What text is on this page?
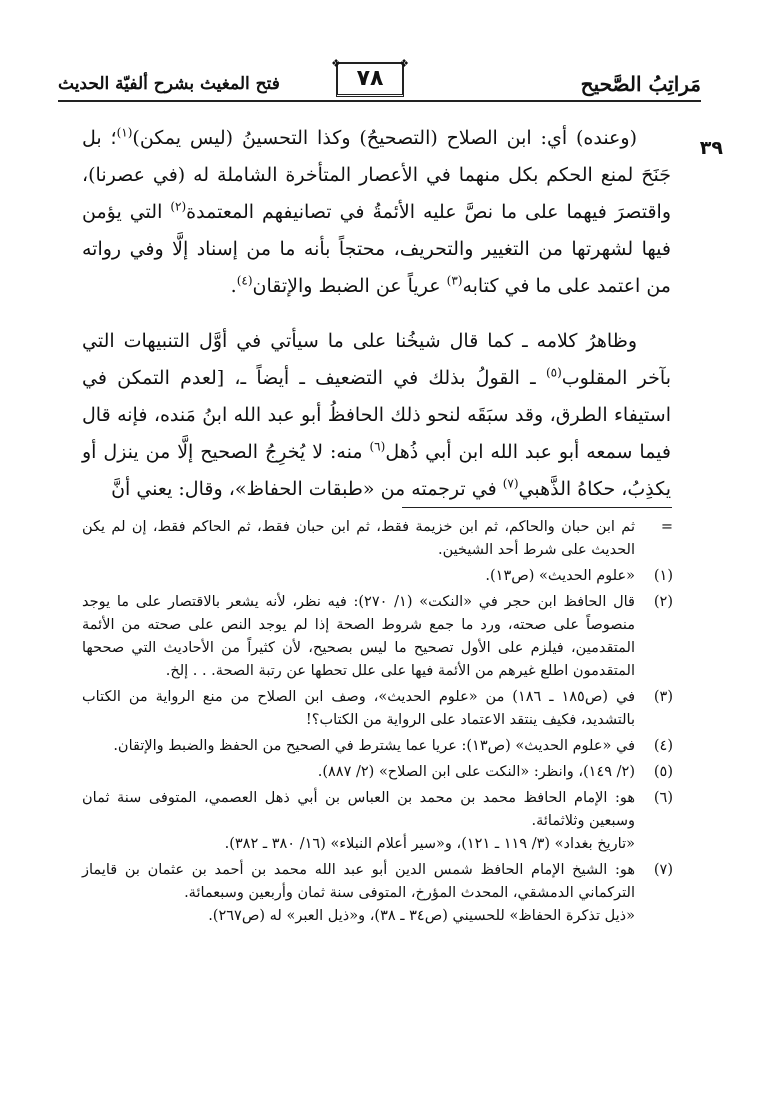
مَراتِبُ الصَّحيح
❖
٧٨
❖
فتح المغيث بشرح ألفيّة الحديث
٣٩

(وعنده) أي: ابن الصلاح (التصحيحُ) وكذا التحسينُ (ليس يمكن)$^{(١)}$؛ بل جَنَحَ لمنع الحكم بكل منهما في الأعصار المتأخرة الشاملة له (في عصرنا)، واقتصرَ فيهما على ما نصَّ عليه الأئمةُ في تصانيفهم المعتمدة$^{(٢)}$ التي يؤمن فيها لشهرتها من التغيير والتحريف، محتجاً بأنه ما من إسناد إلَّا وفي رواته من اعتمد على ما في كتابه$^{(٣)}$ عرياً عن الضبط والإتقان$^{(٤)}$.

وظاهرُ كلامه ـ كما قال شيخُنا على ما سيأتي في أوَّل التنبيهات التي بآخر المقلوب$^{(٥)}$ ـ القولُ بذلك في التضعيف ـ أيضاً ـ، [لعدم التمكن في استيفاء الطرق، وقد سبَقَه لنحو ذلك الحافظُ أبو عبد الله ابنُ مَنده، فإنه قال فيما سمعه أبو عبد الله ابن أبي ذُهل$^{(٦)}$ منه: لا يُخرِجُ الصحيح إلَّا من ينزل أو يكذِبُ، حكاهُ الذَّهبي$^{(٧)}$ في ترجمته من «طبقات الحفاظ»، وقال: يعني أنَّ

=

ثم ابن حبان والحاكم، ثم ابن خزيمة فقط، ثم ابن حبان فقط، ثم الحاكم فقط، إن لم يكن الحديث على شرط أحد الشيخين.

(١)

«علوم الحديث» (ص١٣).

(٢)

قال الحافظ ابن حجر في «النكت» (١/ ٢٧٠): فيه نظر، لأنه يشعر بالاقتصار على ما يوجد منصوصاً على صحته، ورد ما جمع شروط الصحة إذا لم يوجد النص على صحته من الأئمة المتقدمين، فيلزم على الأول تصحيح ما ليس بصحيح، لأن كثيراً من الأحاديث التي صححها المتقدمون اطلع غيرهم من الأئمة فيها على علل تحطها عن رتبة الصحة. . . إلخ.

(٣)

في (ص١٨٥ ـ ١٨٦) من «علوم الحديث»، وصف ابن الصلاح من منع الرواية من الكتاب بالتشديد، فكيف ينتقد الاعتماد على الرواية من الكتاب؟!

(٤)

في «علوم الحديث» (ص١٣): عريا عما يشترط في الصحيح من الحفظ والضبط والإتقان.

(٥)

(٢/ ١٤٩)، وانظر: «النكت على ابن الصلاح» (٢/ ٨٨٧).

(٦)

هو: الإمام الحافظ محمد بن محمد بن العباس بن أبي ذهل العصمي، المتوفى سنة ثمان وسبعين وثلاثمائة.

«تاريخ بغداد» (٣/ ١١٩ ـ ١٢١)، و«سير أعلام النبلاء» (١٦/ ٣٨٠ ـ ٣٨٢).

(٧)

هو: الشيخ الإمام الحافظ شمس الدين أبو عبد الله محمد بن أحمد بن عثمان بن قايماز التركماني الدمشقي، المحدث المؤرخ، المتوفى سنة ثمان وأربعين وسبعمائة.

«ذيل تذكرة الحفاظ» للحسيني (ص٣٤ ـ ٣٨)، و«ذيل العبر» له (ص٢٦٧).
